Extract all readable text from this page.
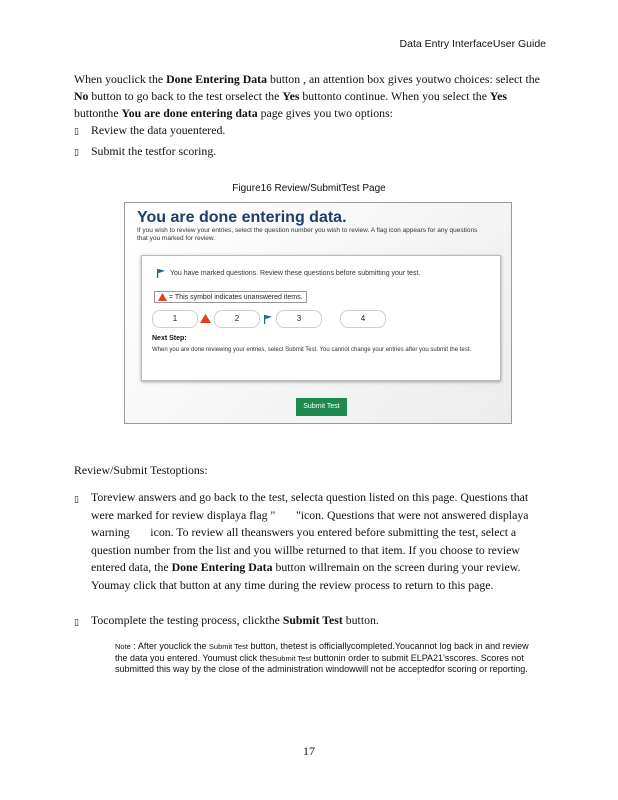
Data Entry InterfaceUser Guide
When youclick the Done Entering Data button , an attention box gives youtwo choices: select the No button to go back to the test orselect the Yes buttonto continue. When you select the Yes buttonthe You are done entering data page gives you two options:
▯ Review the data youentered.
▯ Submit the testfor scoring.
Figure16 Review/SubmitTest Page
You are done entering data.
If you wish to review your entries, select the question number you wish to review. A flag icon appears for any questions that you marked for review.
You have marked questions. Review these questions before submitting your test.
= This symbol indicates unanswered items.
1	2	3	4
Next Step:
When you are done reviewing your entries, select Submit Test. You cannot change your entries after you submit the test.
Submit Test
Review/Submit Testoptions:
▯ Toreview answers and go back to the test, selecta question listed on this page. Questions that were marked for review displaya flag "       "icon. Questions that were not answered displaya warning       icon. To review all theanswers you entered before submitting the test, select a question number from the list and you willbe returned to that item. If you choose to review entered data, the Done Entering Data button willremain on the screen during your review. Youmay click that button at any time during the review process to return to this page.
▯ Tocomplete the testing process, clickthe Submit Test button.
Note : After youclick the Submit Test button, thetest is officiallycompleted.Youcannot log back in and review the data you entered. Youmust click theSubmit Test buttonin order to submit ELPA21'sscores. Scores not submitted this way by the close of the administration windowwill not be acceptedfor scoring or reporting.
17
